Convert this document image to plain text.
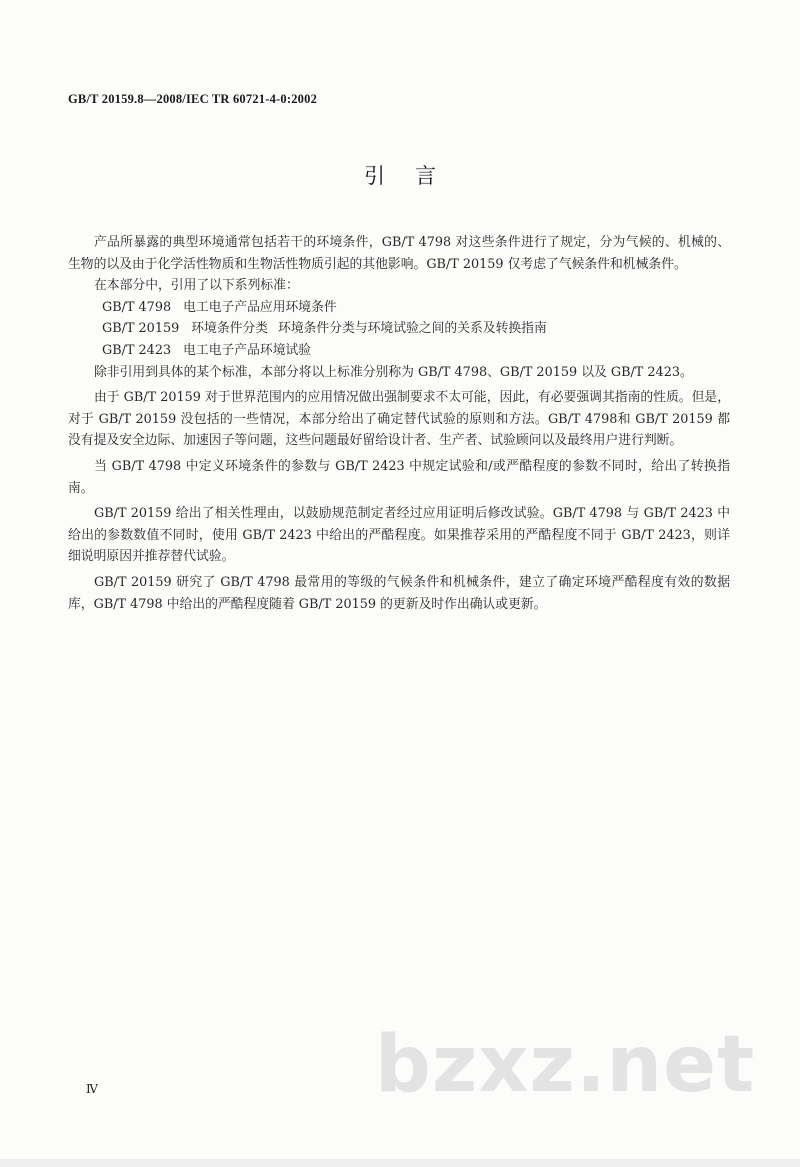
GB/T 20159.8—2008/IEC TR 60721-4-0:2002
引言

产品所暴露的典型环境通常包括若干的环境条件，GB/T 4798 对这些条件进行了规定，分为气候的、机械的、生物的以及由于化学活性物质和生物活性物质引起的其他影响。GB/T 20159 仅考虑了气候条件和机械条件。

在本部分中，引用了以下系列标准：

GB/T 4798 电工电子产品应用环境条件

GB/T 20159 环境条件分类 环境条件分类与环境试验之间的关系及转换指南

GB/T 2423 电工电子产品环境试验

除非引用到具体的某个标准，本部分将以上标准分别称为 GB/T 4798、GB/T 20159 以及 GB/T 2423。

由于 GB/T 20159 对于世界范围内的应用情况做出强制要求不太可能，因此，有必要强调其指南的性质。但是，对于 GB/T 20159 没包括的一些情况，本部分给出了确定替代试验的原则和方法。GB/T 4798和 GB/T 20159 都没有提及安全边际、加速因子等问题，这些问题最好留给设计者、生产者、试验顾问以及最终用户进行判断。

当 GB/T 4798 中定义环境条件的参数与 GB/T 2423 中规定试验和/或严酷程度的参数不同时，给出了转换指南。

GB/T 20159 给出了相关性理由，以鼓励规范制定者经过应用证明后修改试验。GB/T 4798 与 GB/T 2423 中给出的参数数值不同时，使用 GB/T 2423 中给出的严酷程度。如果推荐采用的严酷程度不同于 GB/T 2423，则详细说明原因并推荐替代试验。

GB/T 20159 研究了 GB/T 4798 最常用的等级的气候条件和机械条件，建立了确定环境严酷程度有效的数据库，GB/T 4798 中给出的严酷程度随着 GB/T 20159 的更新及时作出确认或更新。

bzxz.net
Ⅳ
